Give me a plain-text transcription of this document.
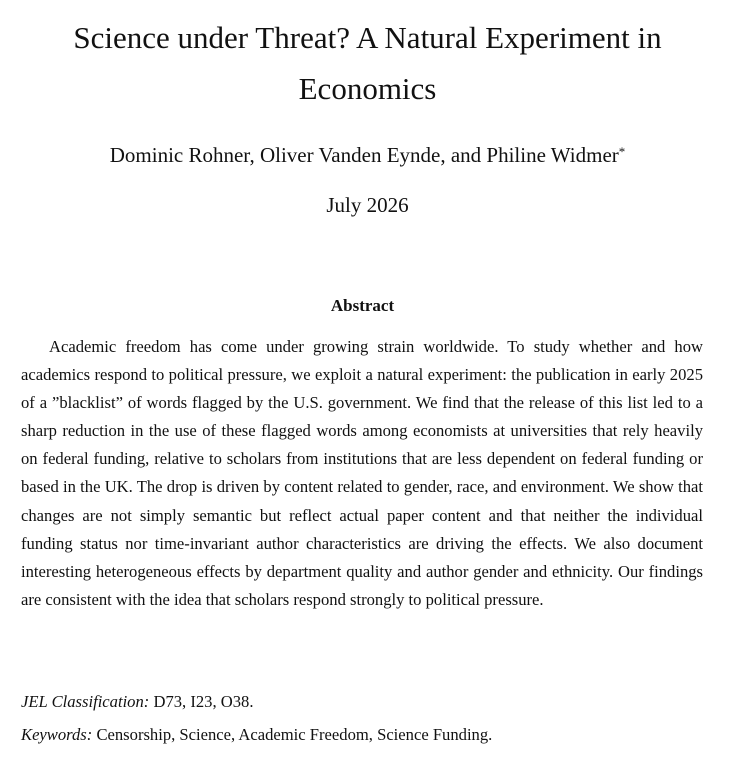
Science under Threat? A Natural Experiment in Economics
Dominic Rohner, Oliver Vanden Eynde, and Philine Widmer*
July 2026
Abstract

Academic freedom has come under growing strain worldwide. To study whether and how academics respond to political pressure, we exploit a natural experiment: the publication in early 2025 of a ”blacklist” of words flagged by the U.S. government. We find that the release of this list led to a sharp reduction in the use of these flagged words among economists at universities that rely heavily on federal funding, relative to scholars from institutions that are less dependent on federal funding or based in the UK. The drop is driven by content related to gender, race, and environment. We show that changes are not simply semantic but reflect actual paper content and that neither the individual funding status nor time-invariant author characteristics are driving the effects. We also document interesting heterogeneous effects by department quality and author gender and ethnicity. Our findings are consistent with the idea that scholars respond strongly to political pressure.

JEL Classification: D73, I23, O38.
Keywords: Censorship, Science, Academic Freedom, Science Funding.
